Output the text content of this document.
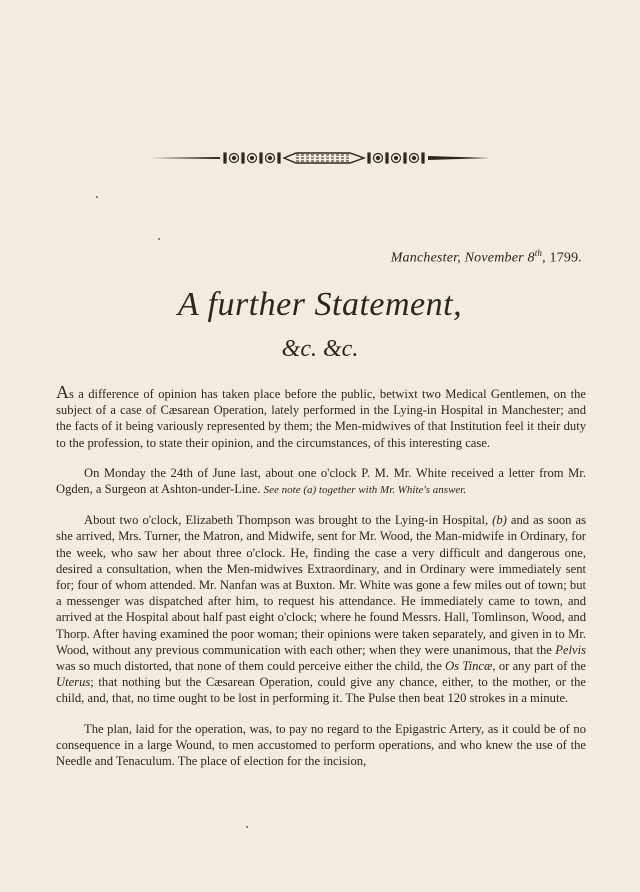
Manchester, November 8th, 1799.
A further Statement,
&c. &c.

As a difference of opinion has taken place before the public, betwixt two Medical Gentlemen, on the subject of a case of Cæsarean Operation, lately performed in the Lying-in Hospital in Manchester; and the facts of it being variously represented by them; the Men-midwives of that Institution feel it their duty to the profession, to state their opinion, and the circumstances, of this interesting case.

On Monday the 24th of June last, about one o'clock P. M. Mr. White received a letter from Mr. Ogden, a Surgeon at Ashton-under-Line. See note (a) together with Mr. White's answer.

About two o'clock, Elizabeth Thompson was brought to the Lying-in Hospital, (b) and as soon as she arrived, Mrs. Turner, the Matron, and Midwife, sent for Mr. Wood, the Man-midwife in Ordinary, for the week, who saw her about three o'clock. He, finding the case a very difficult and dangerous one, desired a consultation, when the Men-midwives Extraordinary, and in Ordinary were immediately sent for; four of whom attended. Mr. Nanfan was at Buxton. Mr. White was gone a few miles out of town; but a messenger was dispatched after him, to request his attendance. He immediately came to town, and arrived at the Hospital about half past eight o'clock; where he found Messrs. Hall, Tomlinson, Wood, and Thorp. After having examined the poor woman; their opinions were taken separately, and given in to Mr. Wood, without any previous communication with each other; when they were unanimous, that the Pelvis was so much distorted, that none of them could perceive either the child, the Os Tincæ, or any part of the Uterus; that nothing but the Cæsarean Operation, could give any chance, either, to the mother, or the child, and, that, no time ought to be lost in performing it. The Pulse then beat 120 strokes in a minute.

The plan, laid for the operation, was, to pay no regard to the Epigastric Artery, as it could be of no consequence in a large Wound, to men accustomed to perform operations, and who knew the use of the Needle and Tenaculum. The place of election for the incision,
